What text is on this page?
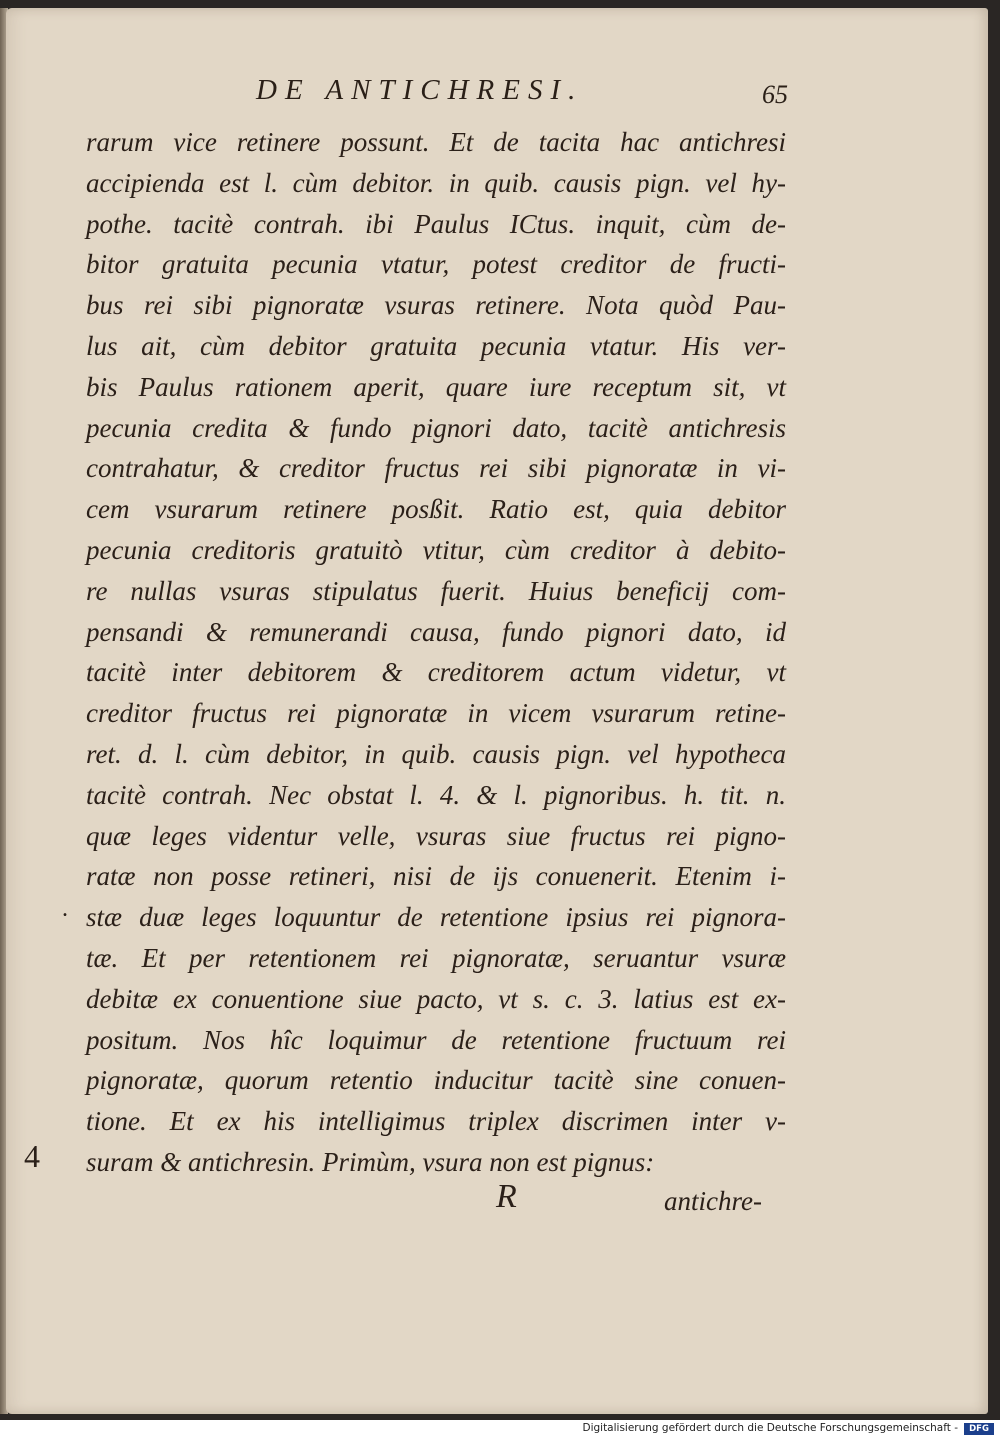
DE ANTICHRESI.	65
rarum vice retinere possunt. Et de tacita hac antichresi
accipienda est l. cùm debitor. in quib. causis pign. vel hy-
pothe. tacitè contrah. ibi Paulus ICtus. inquit, cùm de-
bitor gratuita pecunia vtatur, potest creditor de fructi-
bus rei sibi pignoratæ vsuras retinere. Nota quòd Pau-
lus ait, cùm debitor gratuita pecunia vtatur. His ver-
bis Paulus rationem aperit, quare iure receptum sit, vt
pecunia credita & fundo pignori dato, tacitè antichresis
contrahatur, & creditor fructus rei sibi pignoratæ in vi-
cem vsurarum retinere posßit. Ratio est, quia debitor
pecunia creditoris gratuitò vtitur, cùm creditor à debito-
re nullas vsuras stipulatus fuerit. Huius beneficij com-
pensandi & remunerandi causa, fundo pignori dato, id
tacitè inter debitorem & creditorem actum videtur, vt
creditor fructus rei pignoratæ in vicem vsurarum retine-
ret. d. l. cùm debitor, in quib. causis pign. vel hypotheca
tacitè contrah. Nec obstat l. 4. & l. pignoribus. h. tit. n.
quæ leges videntur velle, vsuras siue fructus rei pigno-
ratæ non posse retineri, nisi de ijs conuenerit. Etenim i-
stæ duæ leges loquuntur de retentione ipsius rei pignora-
tæ. Et per retentionem rei pignoratæ, seruantur vsuræ
debitæ ex conuentione siue pacto, vt s. c. 3. latius est ex-
positum. Nos hîc loquimur de retentione fructuum rei
pignoratæ, quorum retentio inducitur tacitè sine conuen-
tione. Et ex his intelligimus triplex discrimen inter v-
suram & antichresin. Primùm, vsura non est pignus:
.
4
R	antichre-
Digitalisierung gefördert durch die Deutsche Forschungsgemeinschaft -	DFG
